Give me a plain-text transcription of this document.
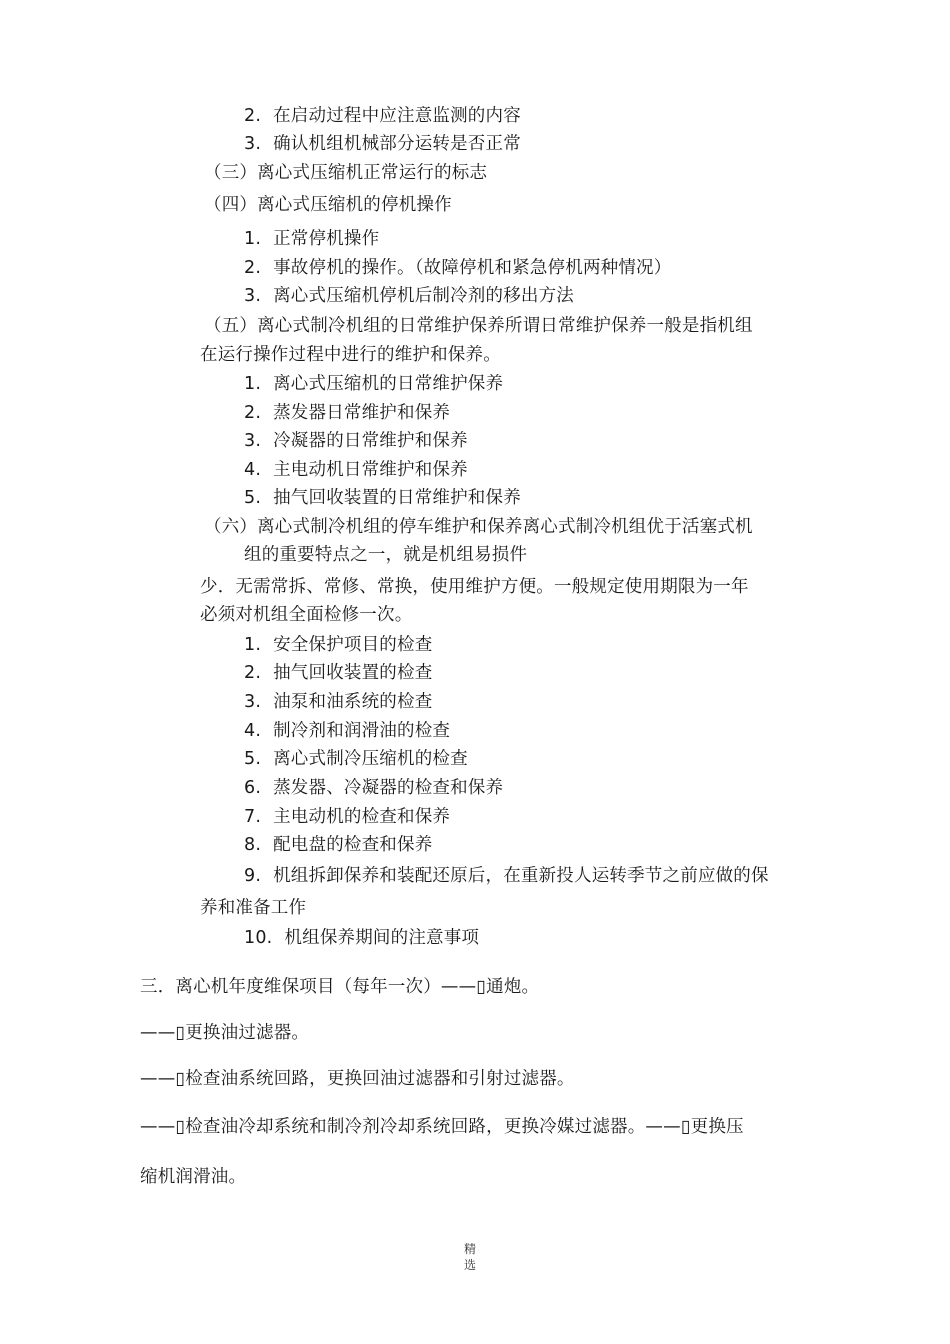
2. 在启动过程中应注意监测的内容
3. 确认机组机械部分运转是否正常
（三）离心式压缩机正常运行的标志
（四）离心式压缩机的停机操作
1. 正常停机操作
2. 事故停机的操作。（故障停机和紧急停机两种情况）
3. 离心式压缩机停机后制冷剂的移出方法
（五）离心式制冷机组的日常维护保养所谓日常维护保养一般是指机组
在运行操作过程中进行的维护和保养。
1. 离心式压缩机的日常维护保养
2. 蒸发器日常维护和保养
3. 冷凝器的日常维护和保养
4. 主电动机日常维护和保养
5. 抽气回收装置的日常维护和保养
（六）离心式制冷机组的停车维护和保养离心式制冷机组优于活塞式机
组的重要特点之一，就是机组易损件
少．无需常拆、常修、常换，使用维护方便。一般规定使用期限为一年
必须对机组全面检修一次。
1. 安全保护项目的检查
2. 抽气回收装置的检查
3. 油泵和油系统的检查
4. 制冷剂和润滑油的检查
5. 离心式制冷压缩机的检查
6. 蒸发器、冷凝器的检查和保养
7. 主电动机的检查和保养
8. 配电盘的检查和保养
9. 机组拆卸保养和装配还原后，在重新投人运转季节之前应做的保
养和准备工作
10. 机组保养期间的注意事项
三．离心机年度维保项目（每年一次）——▯通炮。
——▯更换油过滤器。
——▯检查油系统回路，更换回油过滤器和引射过滤器。
——▯检查油冷却系统和制冷剂冷却系统回路，更换冷媒过滤器。——▯更换压
缩机润滑油。
精
选
